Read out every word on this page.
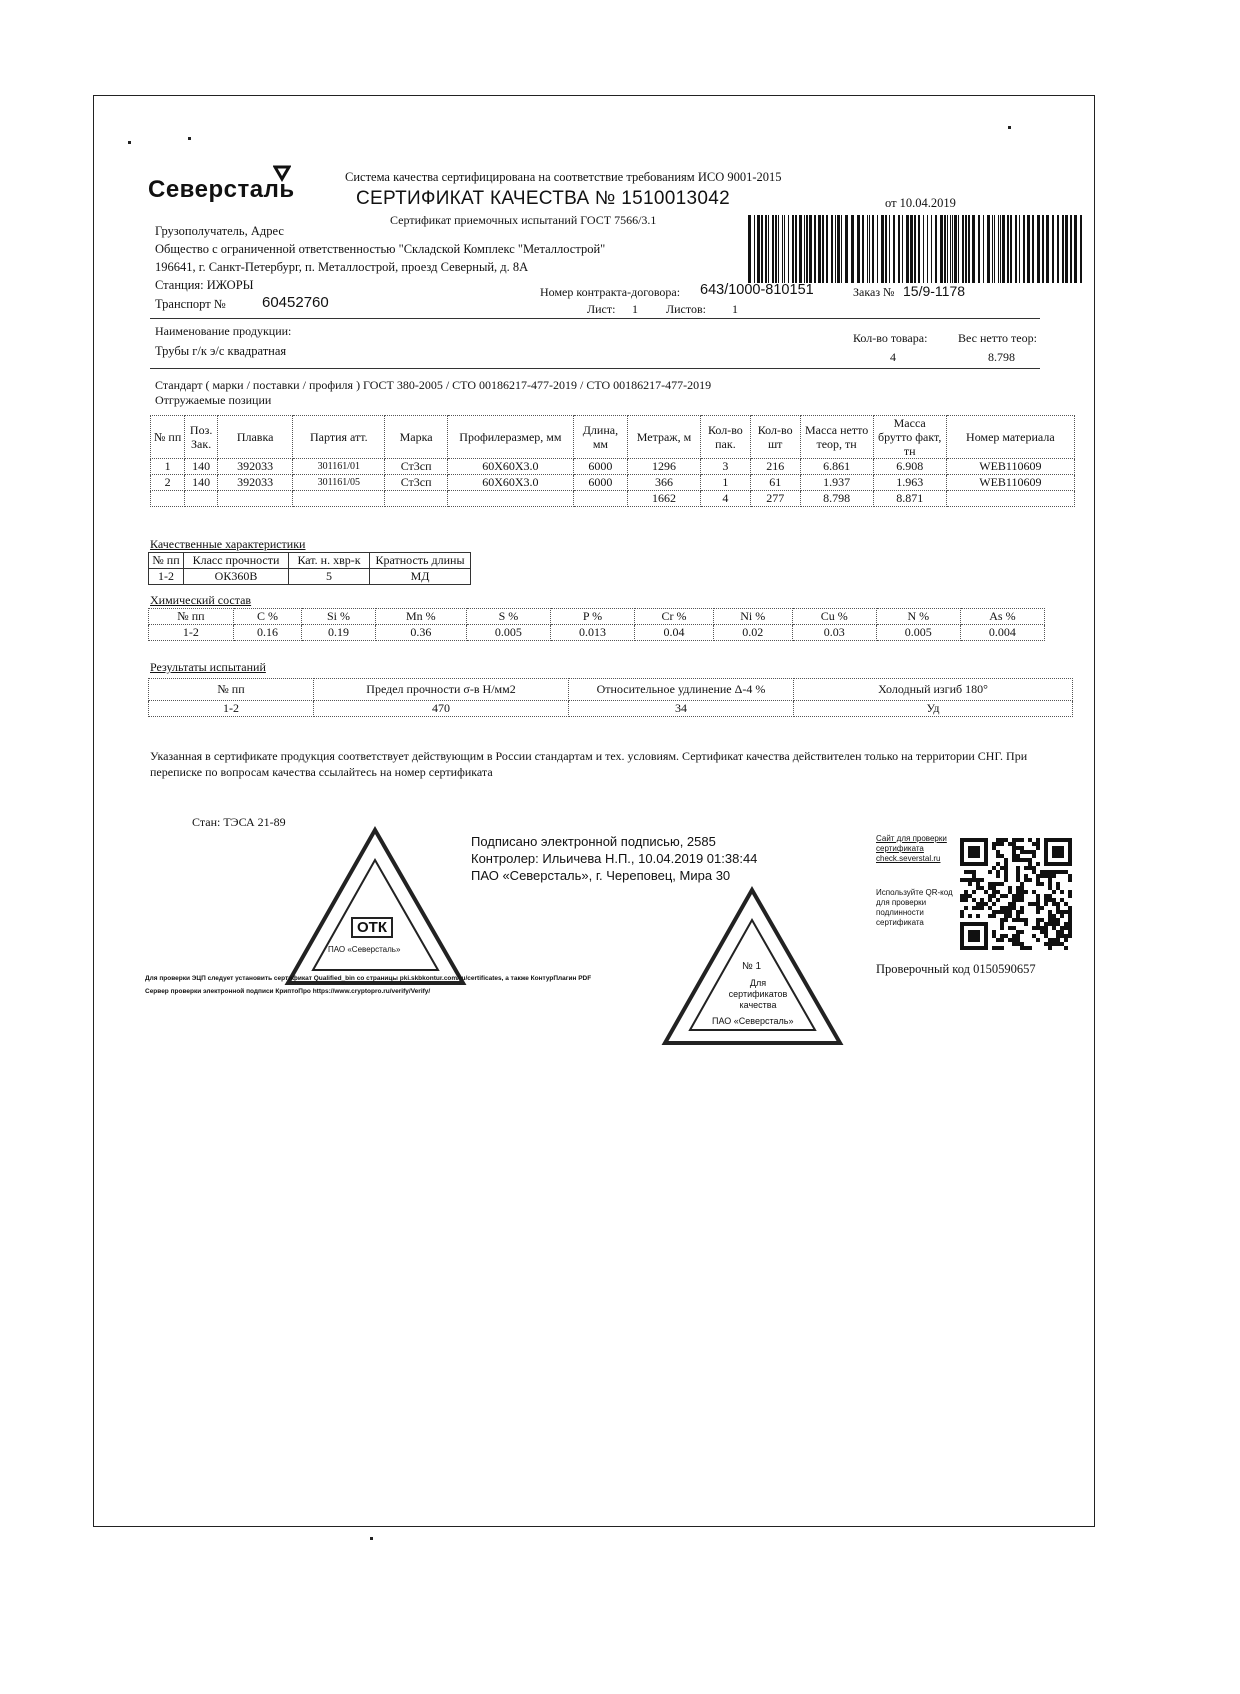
Северсталь	Система качества сертифицирована на соответствие требованиям ИСО 9001-2015
СЕРТИФИКАТ КАЧЕСТВА № 1510013042
Сертификат приемочных испытаний ГОСТ 7566/3.1
от 10.04.2019
Грузополучатель, Адрес
Общество с ограниченной ответственностью "Складской Комплекс "Металлострой"
196641, г. Санкт-Петербург, п. Металлострой, проезд Северный, д. 8А
Станция: ИЖОРЫ
Транспорт № 60452760
Номер контракта-договора: 643/1000-810151	Заказ № 15/9-1178
Лист: 1 Листов: 1
Наименование продукции:
Трубы г/к э/с квадратная
Кол-во товара:
4
Вес нетто теор:
8.798
Стандарт ( марки / поставки / профиля ) ГОСТ 380-2005 / СТО 00186217-477-2019 / СТО 00186217-477-2019
Отгружаемые позиции
№ пп	Поз. Зак.	Плавка	Партия атт.	Марка	Профилеразмер, мм	Длина, мм	Метраж, м	Кол-во пак.	Кол-во шт	Масса нетто теор, тн	Масса брутто факт, тн	Номер материала
1	140	392033	301161/01	Ст3сп	60Х60Х3.0	6000	1296	3	216	6.861	6.908	WEB110609
2	140	392033	301161/05	Ст3сп	60Х60Х3.0	6000	366	1	61	1.937	1.963	WEB110609
							1662	4	277	8.798	8.871	
Качественные характеристики
№ пп	Класс прочности	Кат. н. хвр-к	Кратность длины
1-2	ОК360В	5	МД
Химический состав
№ пп	C %	Si %	Mn %	S %	P %	Cr %	Ni %	Cu %	N %	As %
1-2	0.16	0.19	0.36	0.005	0.013	0.04	0.02	0.03	0.005	0.004
Результаты испытаний
№ пп	Предел прочности σ-в Н/мм2	Относительное удлинение Δ-4 %	Холодный изгиб 180°
1-2	470	34	Уд
Указанная в сертификате продукция соответствует действующим в России стандартам и тех. условиям. Сертификат качества действителен только на территории СНГ. При переписке по вопросам качества ссылайтесь на номер сертификата
Стан: ТЭСА 21-89
Подписано электронной подписью, 2585
Контролер: Ильичева Н.П., 10.04.2019 01:38:44
ПАО «Северсталь», г. Череповец, Мира 30
ОТК
ПАО «Северсталь»
№ 1
Для сертификатов качества
ПАО «Северсталь»
Сайт для проверки сертификата check.severstal.ru
Используйте QR-код для проверки подлинности сертификата
Проверочный код 0150590657
Для проверки ЭЦП следует установить сертификат Qualified_bin со страницы pki.skbkontur.com/ru/certificates, а также КонтурПлагин PDF
Сервер проверки электронной подписи КриптоПро https://www.cryptopro.ru/verify/Verify/
